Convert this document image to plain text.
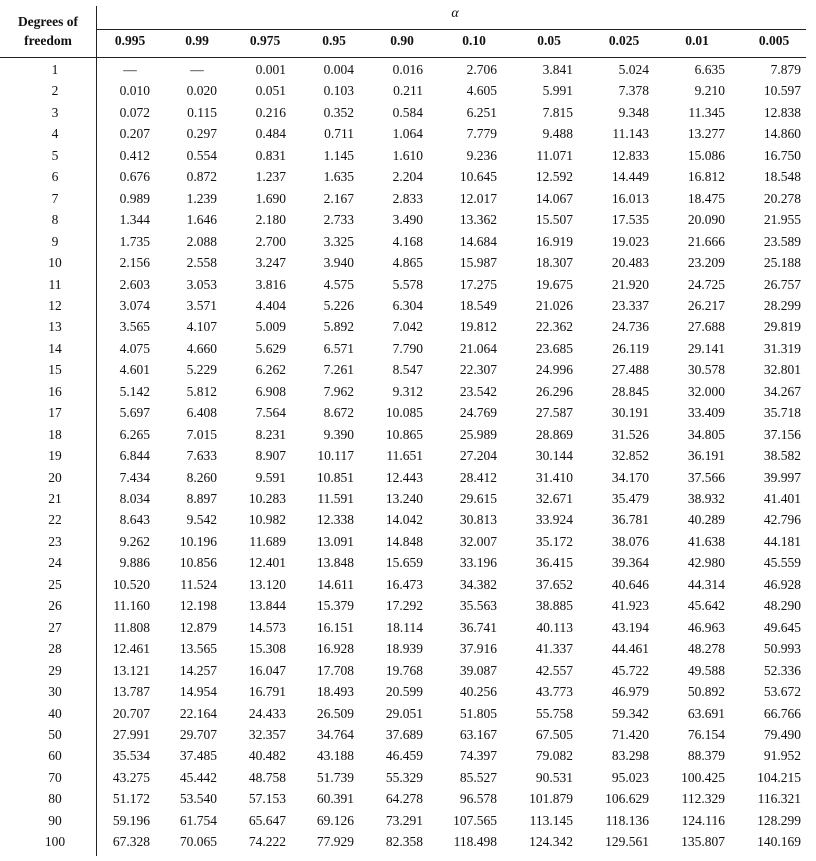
Degrees of
freedom
α
0.995	0.99	0.975	0.95	0.90	0.10	0.05	0.025	0.01	0.005
1	—	—	0.001	0.004	0.016	2.706	3.841	5.024	6.635	7.879
2	0.010	0.020	0.051	0.103	0.211	4.605	5.991	7.378	9.210	10.597
3	0.072	0.115	0.216	0.352	0.584	6.251	7.815	9.348	11.345	12.838
4	0.207	0.297	0.484	0.711	1.064	7.779	9.488	11.143	13.277	14.860
5	0.412	0.554	0.831	1.145	1.610	9.236	11.071	12.833	15.086	16.750
6	0.676	0.872	1.237	1.635	2.204	10.645	12.592	14.449	16.812	18.548
7	0.989	1.239	1.690	2.167	2.833	12.017	14.067	16.013	18.475	20.278
8	1.344	1.646	2.180	2.733	3.490	13.362	15.507	17.535	20.090	21.955
9	1.735	2.088	2.700	3.325	4.168	14.684	16.919	19.023	21.666	23.589
10	2.156	2.558	3.247	3.940	4.865	15.987	18.307	20.483	23.209	25.188
11	2.603	3.053	3.816	4.575	5.578	17.275	19.675	21.920	24.725	26.757
12	3.074	3.571	4.404	5.226	6.304	18.549	21.026	23.337	26.217	28.299
13	3.565	4.107	5.009	5.892	7.042	19.812	22.362	24.736	27.688	29.819
14	4.075	4.660	5.629	6.571	7.790	21.064	23.685	26.119	29.141	31.319
15	4.601	5.229	6.262	7.261	8.547	22.307	24.996	27.488	30.578	32.801
16	5.142	5.812	6.908	7.962	9.312	23.542	26.296	28.845	32.000	34.267
17	5.697	6.408	7.564	8.672	10.085	24.769	27.587	30.191	33.409	35.718
18	6.265	7.015	8.231	9.390	10.865	25.989	28.869	31.526	34.805	37.156
19	6.844	7.633	8.907	10.117	11.651	27.204	30.144	32.852	36.191	38.582
20	7.434	8.260	9.591	10.851	12.443	28.412	31.410	34.170	37.566	39.997
21	8.034	8.897	10.283	11.591	13.240	29.615	32.671	35.479	38.932	41.401
22	8.643	9.542	10.982	12.338	14.042	30.813	33.924	36.781	40.289	42.796
23	9.262	10.196	11.689	13.091	14.848	32.007	35.172	38.076	41.638	44.181
24	9.886	10.856	12.401	13.848	15.659	33.196	36.415	39.364	42.980	45.559
25	10.520	11.524	13.120	14.611	16.473	34.382	37.652	40.646	44.314	46.928
26	11.160	12.198	13.844	15.379	17.292	35.563	38.885	41.923	45.642	48.290
27	11.808	12.879	14.573	16.151	18.114	36.741	40.113	43.194	46.963	49.645
28	12.461	13.565	15.308	16.928	18.939	37.916	41.337	44.461	48.278	50.993
29	13.121	14.257	16.047	17.708	19.768	39.087	42.557	45.722	49.588	52.336
30	13.787	14.954	16.791	18.493	20.599	40.256	43.773	46.979	50.892	53.672
40	20.707	22.164	24.433	26.509	29.051	51.805	55.758	59.342	63.691	66.766
50	27.991	29.707	32.357	34.764	37.689	63.167	67.505	71.420	76.154	79.490
60	35.534	37.485	40.482	43.188	46.459	74.397	79.082	83.298	88.379	91.952
70	43.275	45.442	48.758	51.739	55.329	85.527	90.531	95.023	100.425	104.215
80	51.172	53.540	57.153	60.391	64.278	96.578	101.879	106.629	112.329	116.321
90	59.196	61.754	65.647	69.126	73.291	107.565	113.145	118.136	124.116	128.299
100	67.328	70.065	74.222	77.929	82.358	118.498	124.342	129.561	135.807	140.169
